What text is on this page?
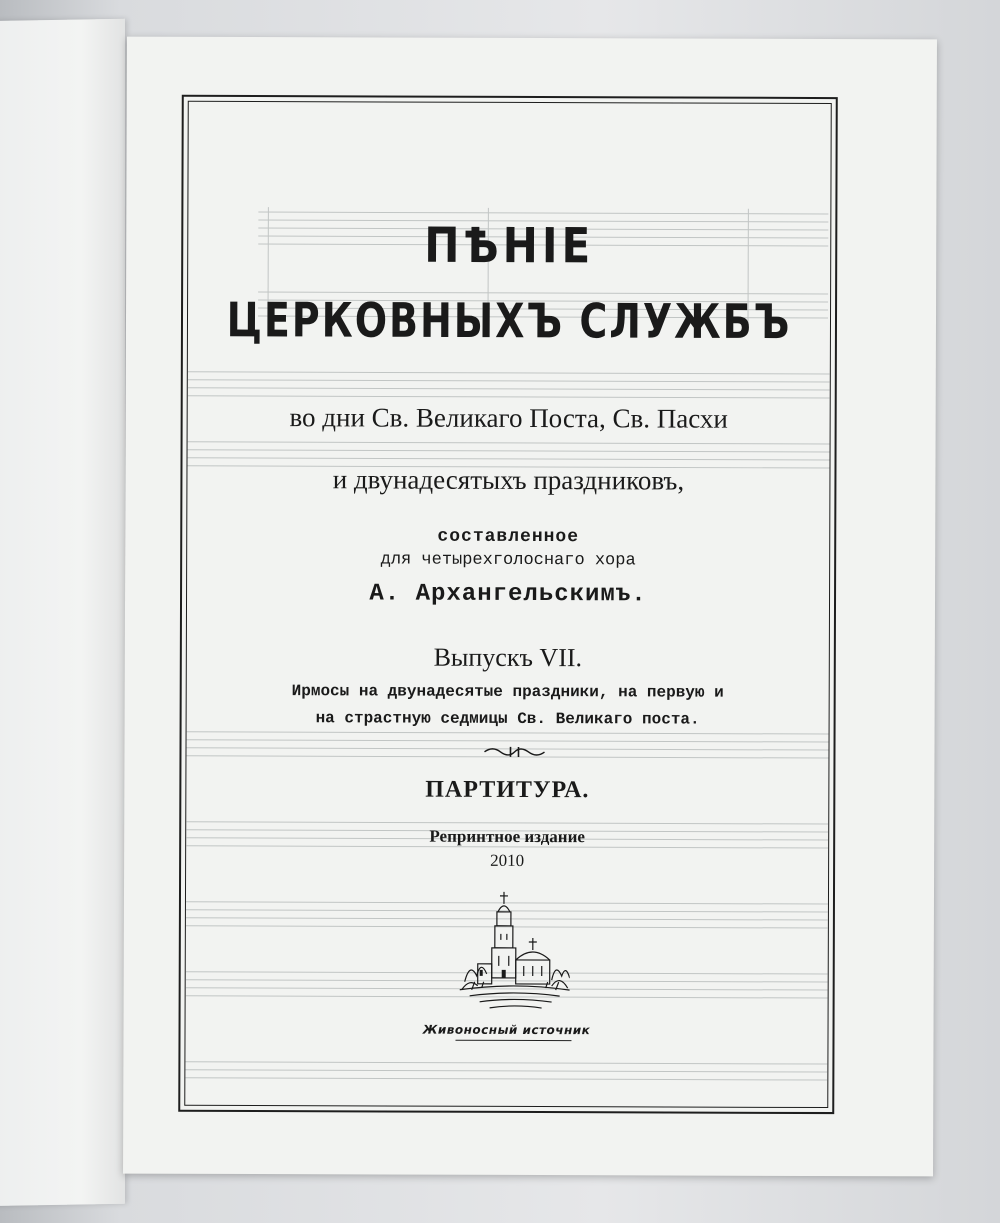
ПѢНІЕ
ЦЕРКОВНЫХЪ СЛУЖБЪ
во дни Св. Великаго Поста, Св. Пасхи
и двунадесятыхъ праздниковъ,
составленное
для четырехголоснаго хора
А. Архангельскимъ.
Выпускъ VII.
Ирмосы на двунадесятые праздники, на первую и
на страстную седмицы Св. Великаго поста.
ПАРТИТУРА.
Репринтное издание
2010
Живоносный источник
